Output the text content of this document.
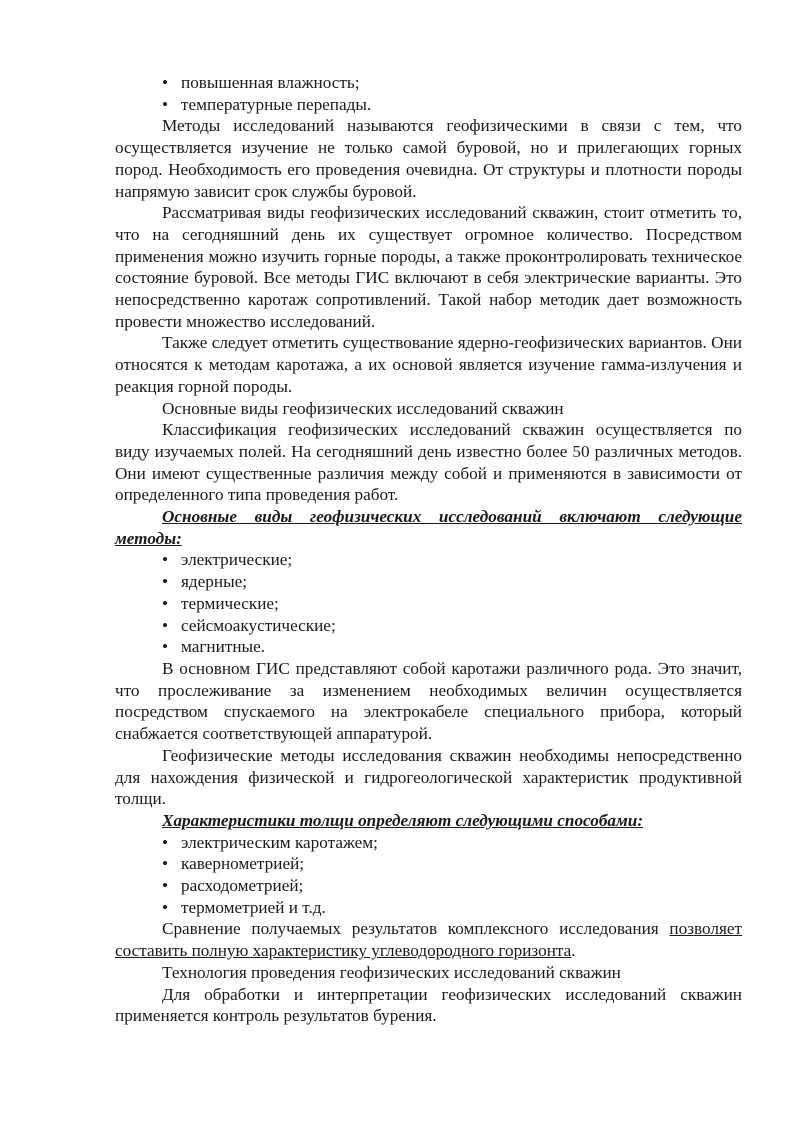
• повышенная влажность;
• температурные перепады.

Методы исследований называются геофизическими в связи с тем, что осуществляется изучение не только самой буровой, но и прилегающих горных пород. Необходимость его проведения очевидна. От структуры и плотности породы напрямую зависит срок службы буровой.

Рассматривая виды геофизических исследований скважин, стоит отметить то, что на сегодняшний день их существует огромное количество. Посредством применения можно изучить горные породы, а также проконтролировать техническое состояние буровой. Все методы ГИС включают в себя электрические варианты. Это непосредственно каротаж сопротивлений. Такой набор методик дает возможность провести множество исследований.

Также следует отметить существование ядерно-геофизических вариантов. Они относятся к методам каротажа, а их основой является изучение гамма-излучения и реакция горной породы.

Основные виды геофизических исследований скважин

Классификация геофизических исследований скважин осуществляется по виду изучаемых полей. На сегодняшний день известно более 50 различных методов. Они имеют существенные различия между собой и применяются в зависимости от определенного типа проведения работ.

Основные виды геофизических исследований включают следующие методы:

• электрические;
• ядерные;
• термические;
• сейсмоакустические;
• магнитные.

В основном ГИС представляют собой каротажи различного рода. Это значит, что прослеживание за изменением необходимых величин осуществляется посредством спускаемого на электрокабеле специального прибора, который снабжается соответствующей аппаратурой.

Геофизические методы исследования скважин необходимы непосредственно для нахождения физической и гидрогеологической характеристик продуктивной толщи.

Характеристики толщи определяют следующими способами:

• электрическим каротажем;
• кавернометрией;
• расходометрией;
• термометрией и т.д.

Сравнение получаемых результатов комплексного исследования позволяет составить полную характеристику углеводородного горизонта.

Технология проведения геофизических исследований скважин

Для обработки и интерпретации геофизических исследований скважин применяется контроль результатов бурения.
